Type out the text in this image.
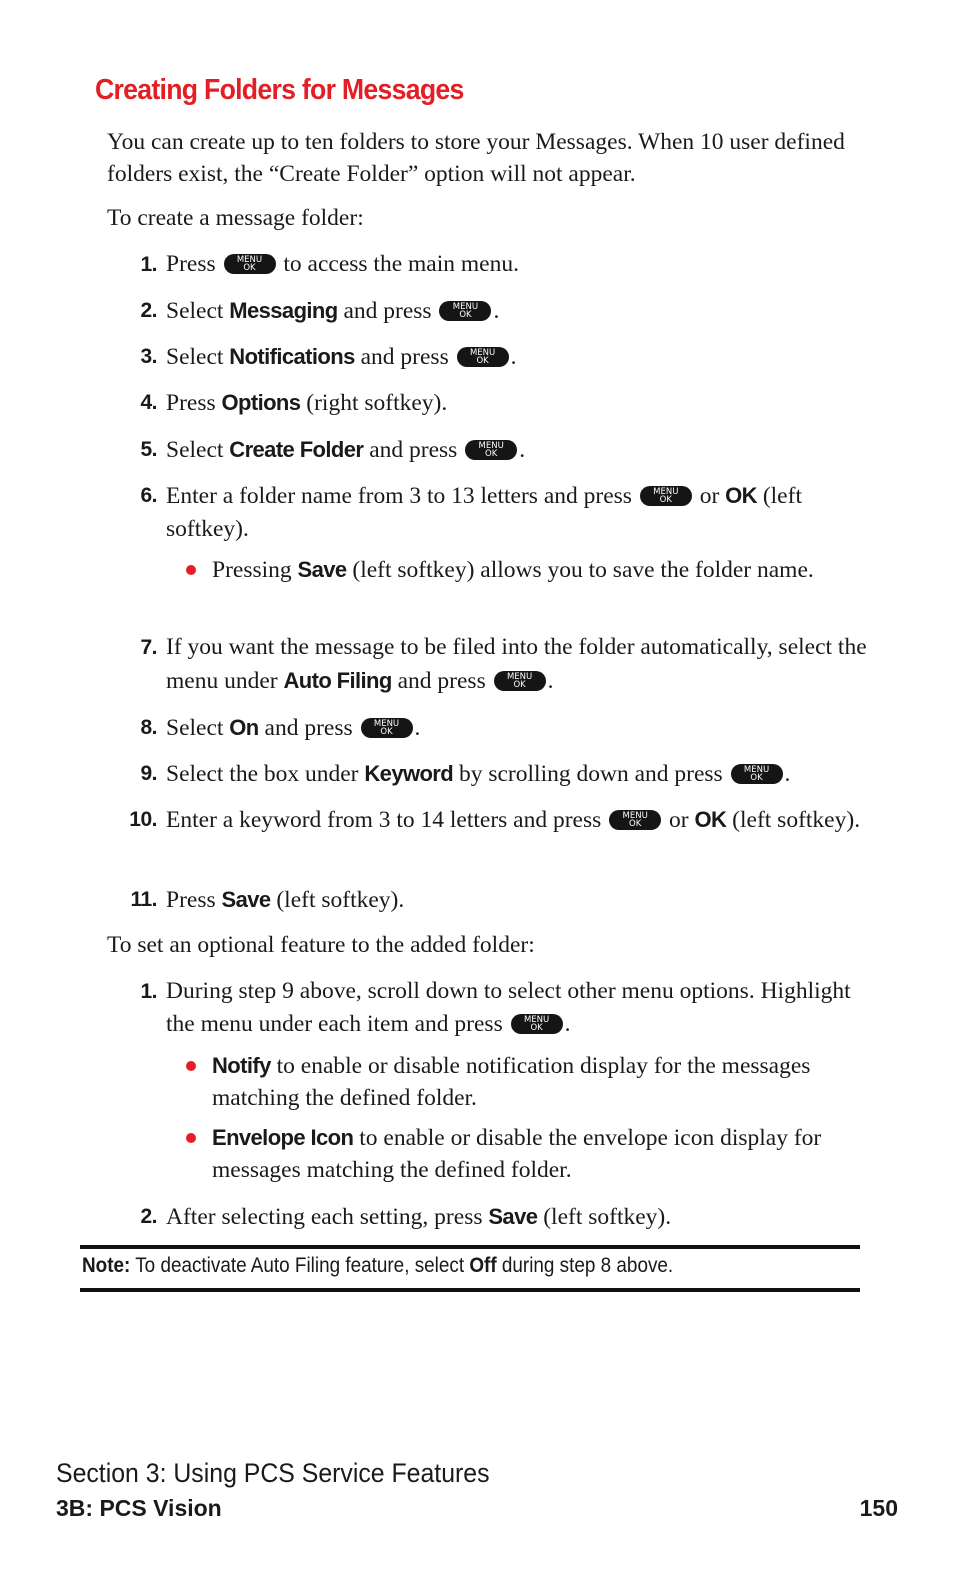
Creating Folders for Messages

You can create up to ten folders to store your Messages. When 10 user defined folders exist, the “Create Folder” option will not appear.

To create a message folder:

1. Press	MENU
OK	to access the main menu.
2. Select Messaging and press	MENU
OK .
3. Select Notifications and press	MENU
OK .
4. Press Options (right softkey).
5. Select Create Folder and press	MENU
OK .
6. Enter a folder name from 3 to 13 letters and press	MENU
OK	or OK (left softkey).
Pressing Save (left softkey) allows you to save the folder name.
7. If you want the message to be filed into the folder automatically, select the menu under Auto Filing and press	MENU
OK .
8. Select On and press	MENU
OK .
9. Select the box under Keyword by scrolling down and press	MENU
OK .
10. Enter a keyword from 3 to 14 letters and press	MENU
OK	or OK (left softkey).
11. Press Save (left softkey).

To set an optional feature to the added folder:

1. During step 9 above, scroll down to select other menu options. Highlight the menu under each item and press	MENU
OK .
Notify to enable or disable notification display for the messages matching the defined folder.
Envelope Icon to enable or disable the envelope icon display for messages matching the defined folder.
2. After selecting each setting, press Save (left softkey).
Note: To deactivate Auto Filing feature, select Off during step 8 above.
Section 3: Using PCS Service Features
3B: PCS Vision	150
